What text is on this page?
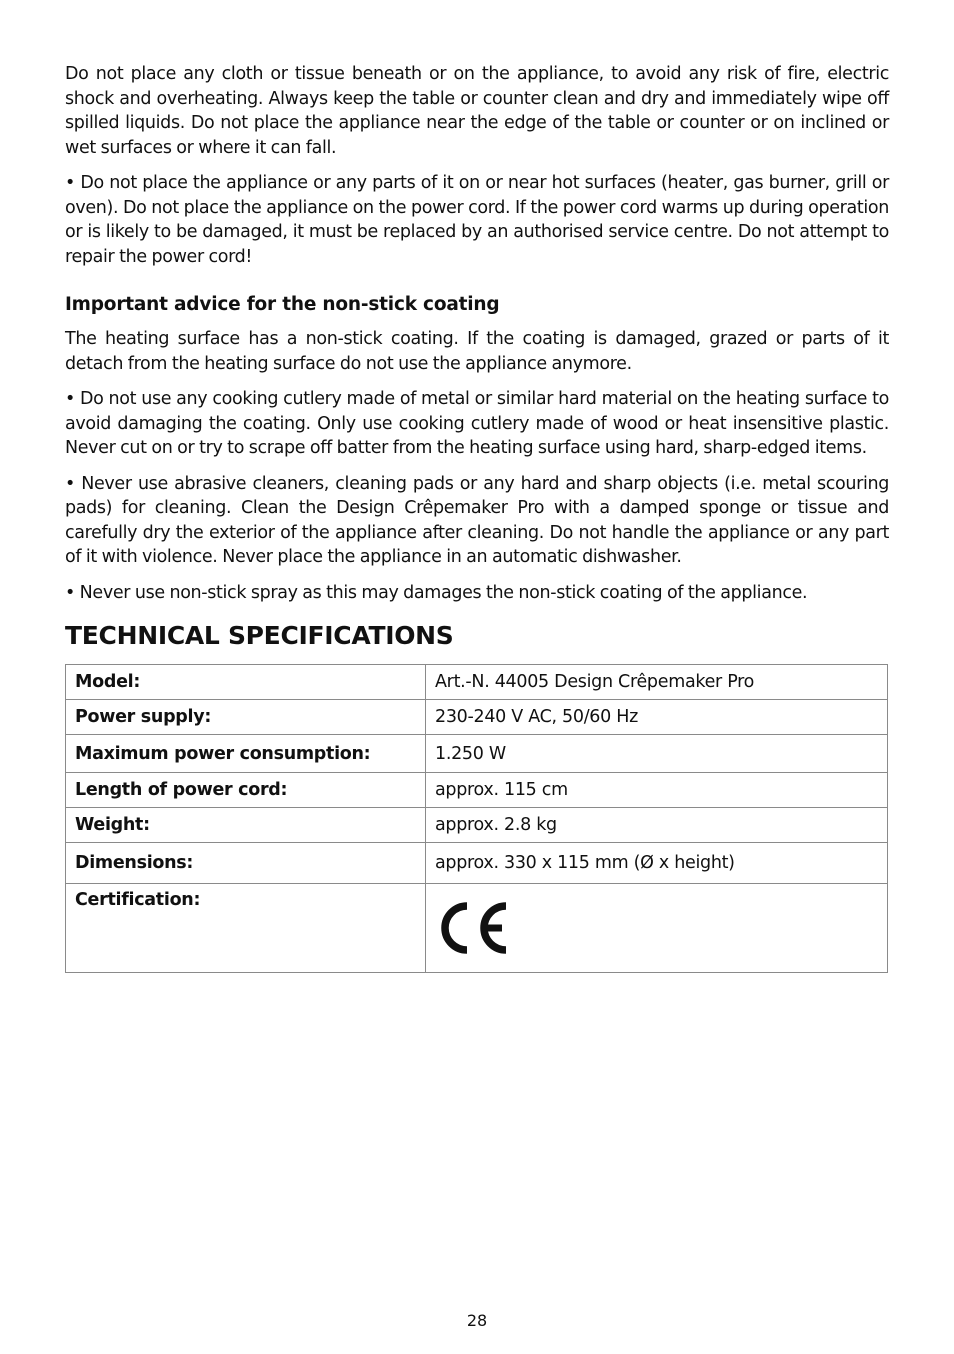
Do not place any cloth or tissue beneath or on the appliance, to avoid any risk of fire, electric shock and overheating. Always keep the table or counter clean and dry and immediately wipe off spilled liquids. Do not place the appliance near the edge of the table or counter or on inclined or wet surfaces or where it can fall.

• Do not place the appliance or any parts of it on or near hot surfaces (heater, gas burner, grill or oven). Do not place the appliance on the power cord. If the power cord warms up during operation or is likely to be damaged, it must be replaced by an authorised service centre. Do not attempt to repair the power cord!

Important advice for the non-stick coating

The heating surface has a non-stick coating. If the coating is damaged, grazed or parts of it detach from the heating surface do not use the appliance anymore.

• Do not use any cooking cutlery made of metal or similar hard material on the heating surface to avoid damaging the coating. Only use cooking cutlery made of wood or heat insensitive plastic. Never cut on or try to scrape off batter from the heating surface using hard, sharp-edged items.

• Never use abrasive cleaners, cleaning pads or any hard and sharp objects (i.e. metal scouring pads) for cleaning. Clean the Design Crêpemaker Pro with a damped sponge or tissue and carefully dry the exterior of the appliance after cleaning. Do not handle the appliance or any part of it with violence. Never place the appliance in an automatic dishwasher.

• Never use non-stick spray as this may damages the non-stick coating of the appliance.

TECHNICAL SPECIFICATIONS
Model:	Art.-N. 44005 Design Crêpemaker Pro
Power supply:	230-240 V AC, 50/60 Hz
Maximum power consumption:	1.250 W
Length of power cord:	approx. 115 cm
Weight:	approx. 2.8 kg
Dimensions:	approx. 330 x 115 mm (Ø x height)
Certification:	
28
